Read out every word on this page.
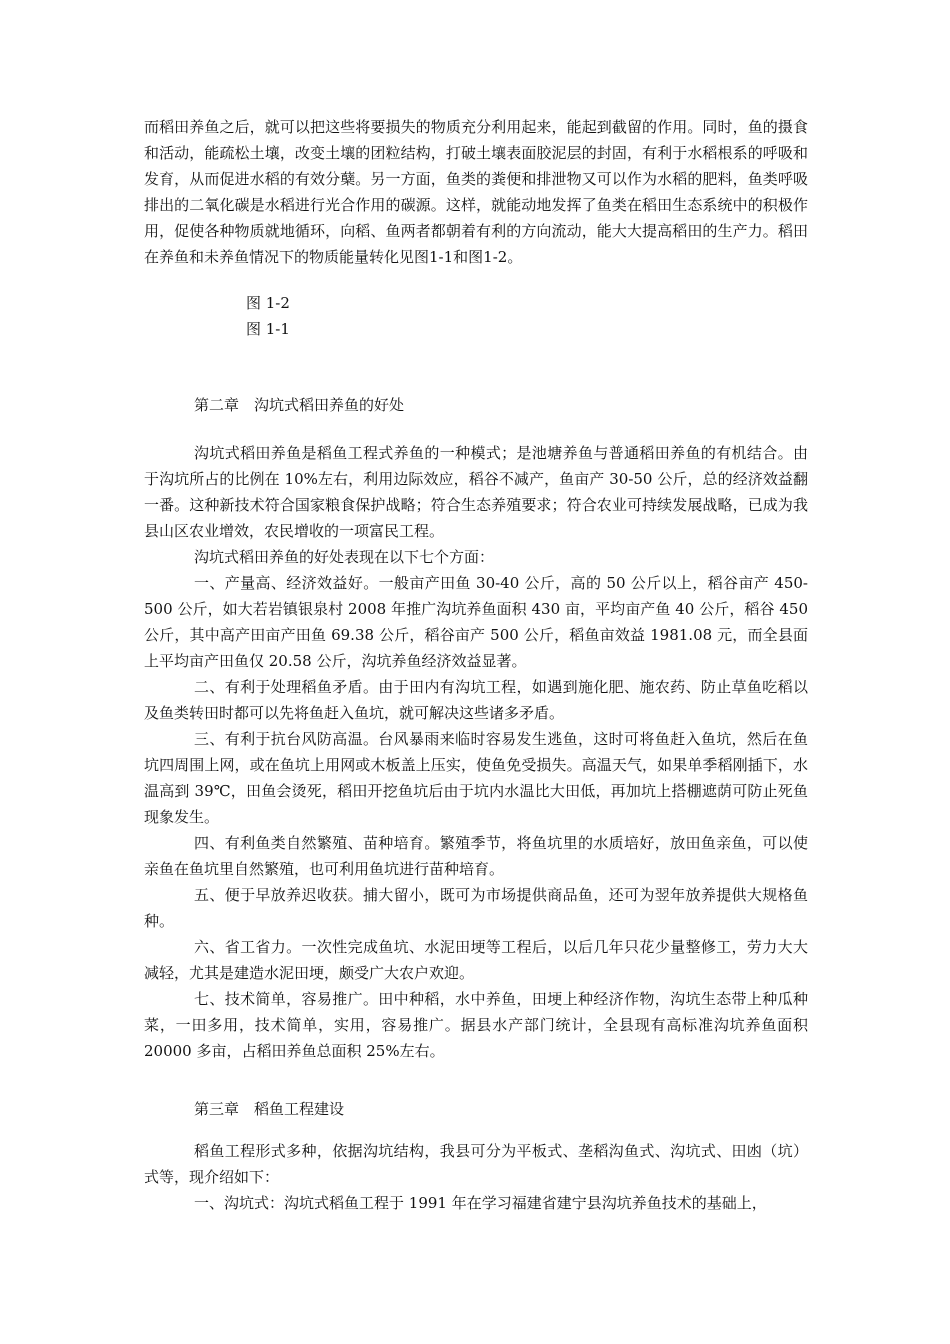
而稻田养鱼之后，就可以把这些将要损失的物质充分利用起来，能起到截留的作用。同时，鱼的摄食和活动，能疏松土壤，改变土壤的团粒结构，打破土壤表面胶泥层的封固，有利于水稻根系的呼吸和发育，从而促进水稻的有效分蘖。另一方面，鱼类的粪便和排泄物又可以作为水稻的肥料，鱼类呼吸排出的二氧化碳是水稻进行光合作用的碳源。这样，就能动地发挥了鱼类在稻田生态系统中的积极作用，促使各种物质就地循环，向稻、鱼两者都朝着有利的方向流动，能大大提高稻田的生产力。稻田在养鱼和未养鱼情况下的物质能量转化见图1-1和图1-2。

图 1-2

图 1-1

第二章　沟坑式稻田养鱼的好处

沟坑式稻田养鱼是稻鱼工程式养鱼的一种模式；是池塘养鱼与普通稻田养鱼的有机结合。由于沟坑所占的比例在 10%左右，利用边际效应，稻谷不减产，鱼亩产 30-50 公斤，总的经济效益翻一番。这种新技术符合国家粮食保护战略；符合生态养殖要求；符合农业可持续发展战略，已成为我县山区农业增效，农民增收的一项富民工程。

沟坑式稻田养鱼的好处表现在以下七个方面：

一、产量高、经济效益好。一般亩产田鱼 30-40 公斤，高的 50 公斤以上，稻谷亩产 450-500 公斤，如大若岩镇银泉村 2008 年推广沟坑养鱼面积 430 亩，平均亩产鱼 40 公斤，稻谷 450 公斤，其中高产田亩产田鱼 69.38 公斤，稻谷亩产 500 公斤，稻鱼亩效益 1981.08 元，而全县面上平均亩产田鱼仅 20.58 公斤，沟坑养鱼经济效益显著。

二、有利于处理稻鱼矛盾。由于田内有沟坑工程，如遇到施化肥、施农药、防止草鱼吃稻以及鱼类转田时都可以先将鱼赶入鱼坑，就可解决这些诸多矛盾。

三、有利于抗台风防高温。台风暴雨来临时容易发生逃鱼，这时可将鱼赶入鱼坑，然后在鱼坑四周围上网，或在鱼坑上用网或木板盖上压实，使鱼免受损失。高温天气，如果单季稻刚插下，水温高到 39℃，田鱼会烫死，稻田开挖鱼坑后由于坑内水温比大田低，再加坑上搭棚遮荫可防止死鱼现象发生。

四、有利鱼类自然繁殖、苗种培育。繁殖季节，将鱼坑里的水质培好，放田鱼亲鱼，可以使亲鱼在鱼坑里自然繁殖，也可利用鱼坑进行苗种培育。

五、便于早放养迟收获。捕大留小，既可为市场提供商品鱼，还可为翌年放养提供大规格鱼种。

六、省工省力。一次性完成鱼坑、水泥田埂等工程后，以后几年只花少量整修工，劳力大大减轻，尤其是建造水泥田埂，颇受广大农户欢迎。

七、技术简单，容易推广。田中种稻，水中养鱼，田埂上种经济作物，沟坑生态带上种瓜种菜，一田多用，技术简单，实用，容易推广。据县水产部门统计，全县现有高标准沟坑养鱼面积 20000 多亩，占稻田养鱼总面积 25%左右。

第三章　稻鱼工程建设

稻鱼工程形式多种，依据沟坑结构，我县可分为平板式、垄稻沟鱼式、沟坑式、田凼（坑）式等，现介绍如下：

一、沟坑式：沟坑式稻鱼工程于 1991 年在学习福建省建宁县沟坑养鱼技术的基础上，
